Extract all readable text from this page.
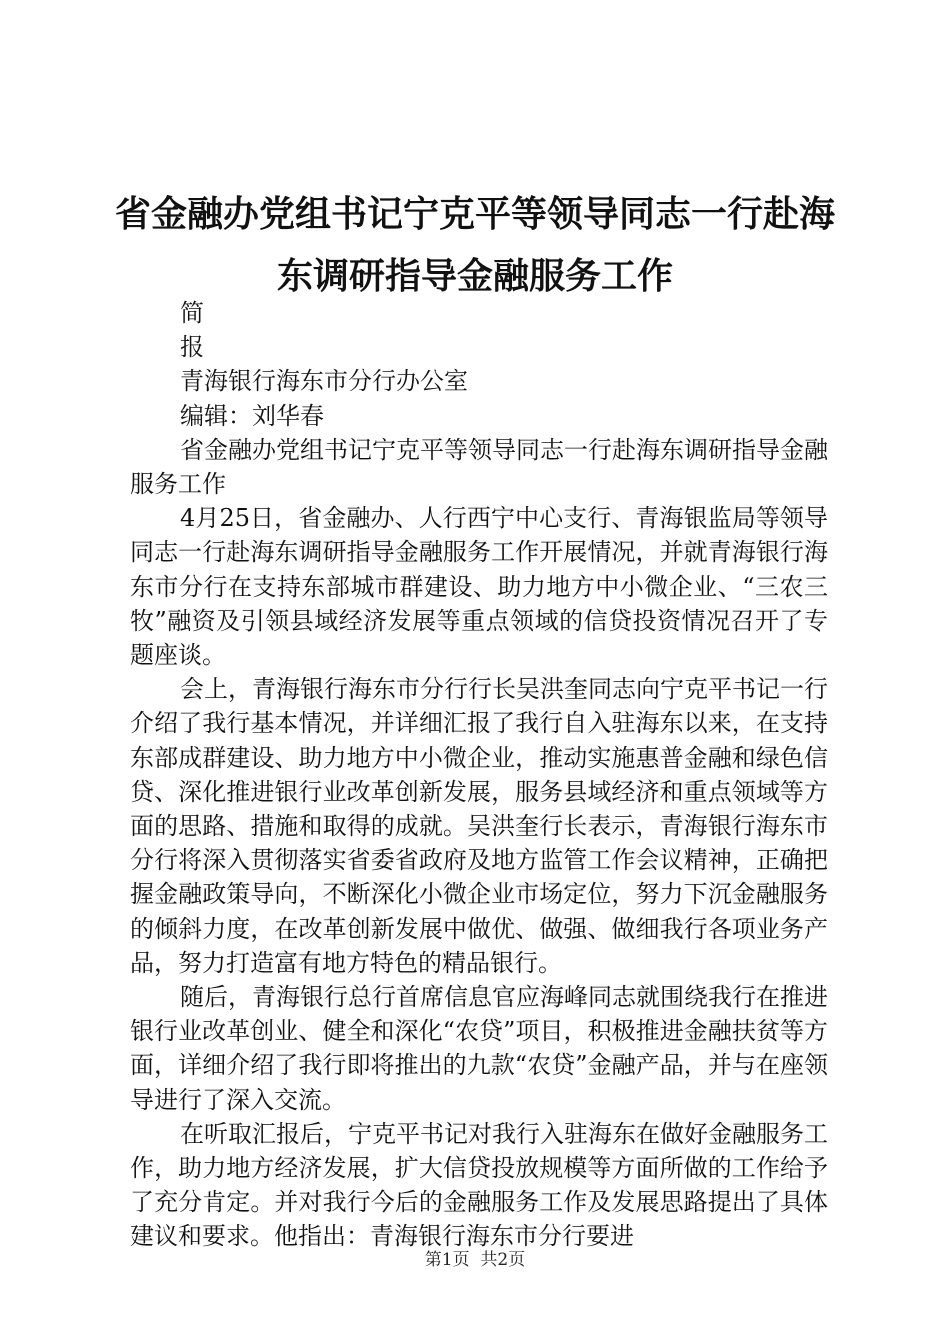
省金融办党组书记宁克平等领导同志一行赴海
东调研指导金融服务工作
简
报
青海银行海东市分行办公室
编辑：刘华春

省金融办党组书记宁克平等领导同志一行赴海东调研指导金融服务工作

4月25日，省金融办、人行西宁中心支行、青海银监局等领导同志一行赴海东调研指导金融服务工作开展情况，并就青海银行海东市分行在支持东部城市群建设、助力地方中小微企业、“三农三牧”融资及引领县域经济发展等重点领域的信贷投资情况召开了专题座谈。

会上，青海银行海东市分行行长吴洪奎同志向宁克平书记一行介绍了我行基本情况，并详细汇报了我行自入驻海东以来，在支持东部成群建设、助力地方中小微企业，推动实施惠普金融和绿色信贷、深化推进银行业改革创新发展，服务县域经济和重点领域等方面的思路、措施和取得的成就。吴洪奎行长表示，青海银行海东市分行将深入贯彻落实省委省政府及地方监管工作会议精神，正确把握金融政策导向，不断深化小微企业市场定位，努力下沉金融服务的倾斜力度，在改革创新发展中做优、做强、做细我行各项业务产品，努力打造富有地方特色的精品银行。

随后，青海银行总行首席信息官应海峰同志就围绕我行在推进银行业改革创业、健全和深化“农贷”项目，积极推进金融扶贫等方面，详细介绍了我行即将推出的九款“农贷”金融产品，并与在座领导进行了深入交流。

在听取汇报后，宁克平书记对我行入驻海东在做好金融服务工作，助力地方经济发展，扩大信贷投放规模等方面所做的工作给予了充分肯定。并对我行今后的金融服务工作及发展思路提出了具体建议和要求。他指出：青海银行海东市分行要进

第1页 共2页
